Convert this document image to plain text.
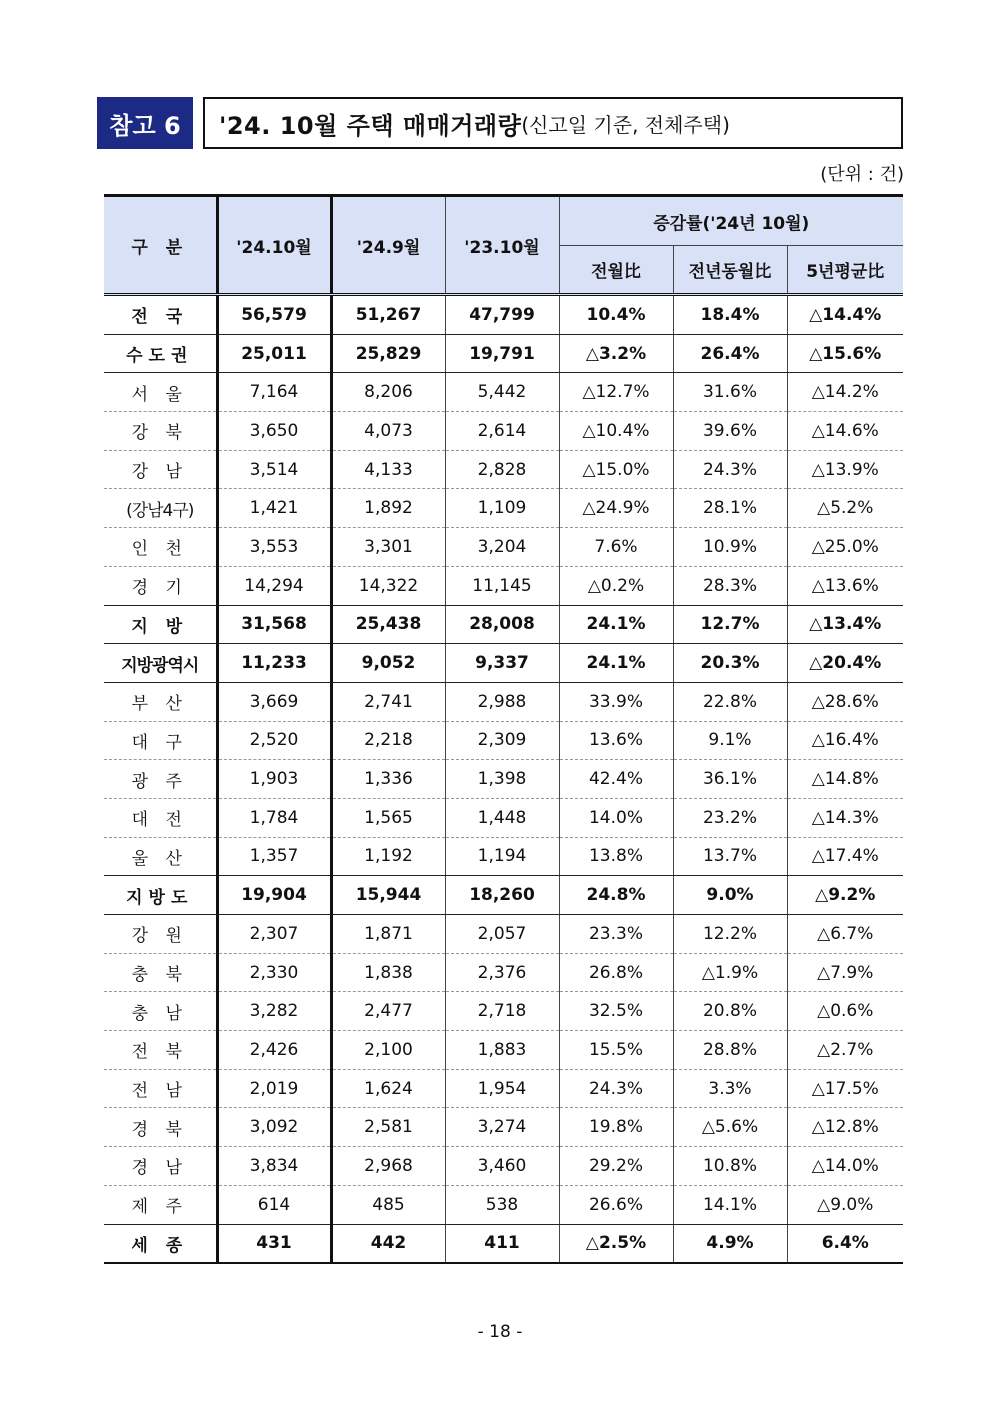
참고 6	'24. 10월 주택 매매거래량 (신고일 기준, 전체주택)
(단위 : 건)
구 분	'24.10월	'24.9월	'23.10월	증감률('24년 10월)		
				전월比	전년동월比	5년평균比
전 국	56,579	51,267	47,799	10.4%	18.4%	△14.4%
수도권	25,011	25,829	19,791	△3.2%	26.4%	△15.6%
서 울	7,164	8,206	5,442	△12.7%	31.6%	△14.2%
강 북	3,650	4,073	2,614	△10.4%	39.6%	△14.6%
강 남	3,514	4,133	2,828	△15.0%	24.3%	△13.9%
(강남4구)	1,421	1,892	1,109	△24.9%	28.1%	△5.2%
인 천	3,553	3,301	3,204	7.6%	10.9%	△25.0%
경 기	14,294	14,322	11,145	△0.2%	28.3%	△13.6%
지 방	31,568	25,438	28,008	24.1%	12.7%	△13.4%
지방광역시	11,233	9,052	9,337	24.1%	20.3%	△20.4%
부 산	3,669	2,741	2,988	33.9%	22.8%	△28.6%
대 구	2,520	2,218	2,309	13.6%	9.1%	△16.4%
광 주	1,903	1,336	1,398	42.4%	36.1%	△14.8%
대 전	1,784	1,565	1,448	14.0%	23.2%	△14.3%
울 산	1,357	1,192	1,194	13.8%	13.7%	△17.4%
지방도	19,904	15,944	18,260	24.8%	9.0%	△9.2%
강 원	2,307	1,871	2,057	23.3%	12.2%	△6.7%
충 북	2,330	1,838	2,376	26.8%	△1.9%	△7.9%
충 남	3,282	2,477	2,718	32.5%	20.8%	△0.6%
전 북	2,426	2,100	1,883	15.5%	28.8%	△2.7%
전 남	2,019	1,624	1,954	24.3%	3.3%	△17.5%
경 북	3,092	2,581	3,274	19.8%	△5.6%	△12.8%
경 남	3,834	2,968	3,460	29.2%	10.8%	△14.0%
제 주	614	485	538	26.6%	14.1%	△9.0%
세 종	431	442	411	△2.5%	4.9%	6.4%
- 18 -
